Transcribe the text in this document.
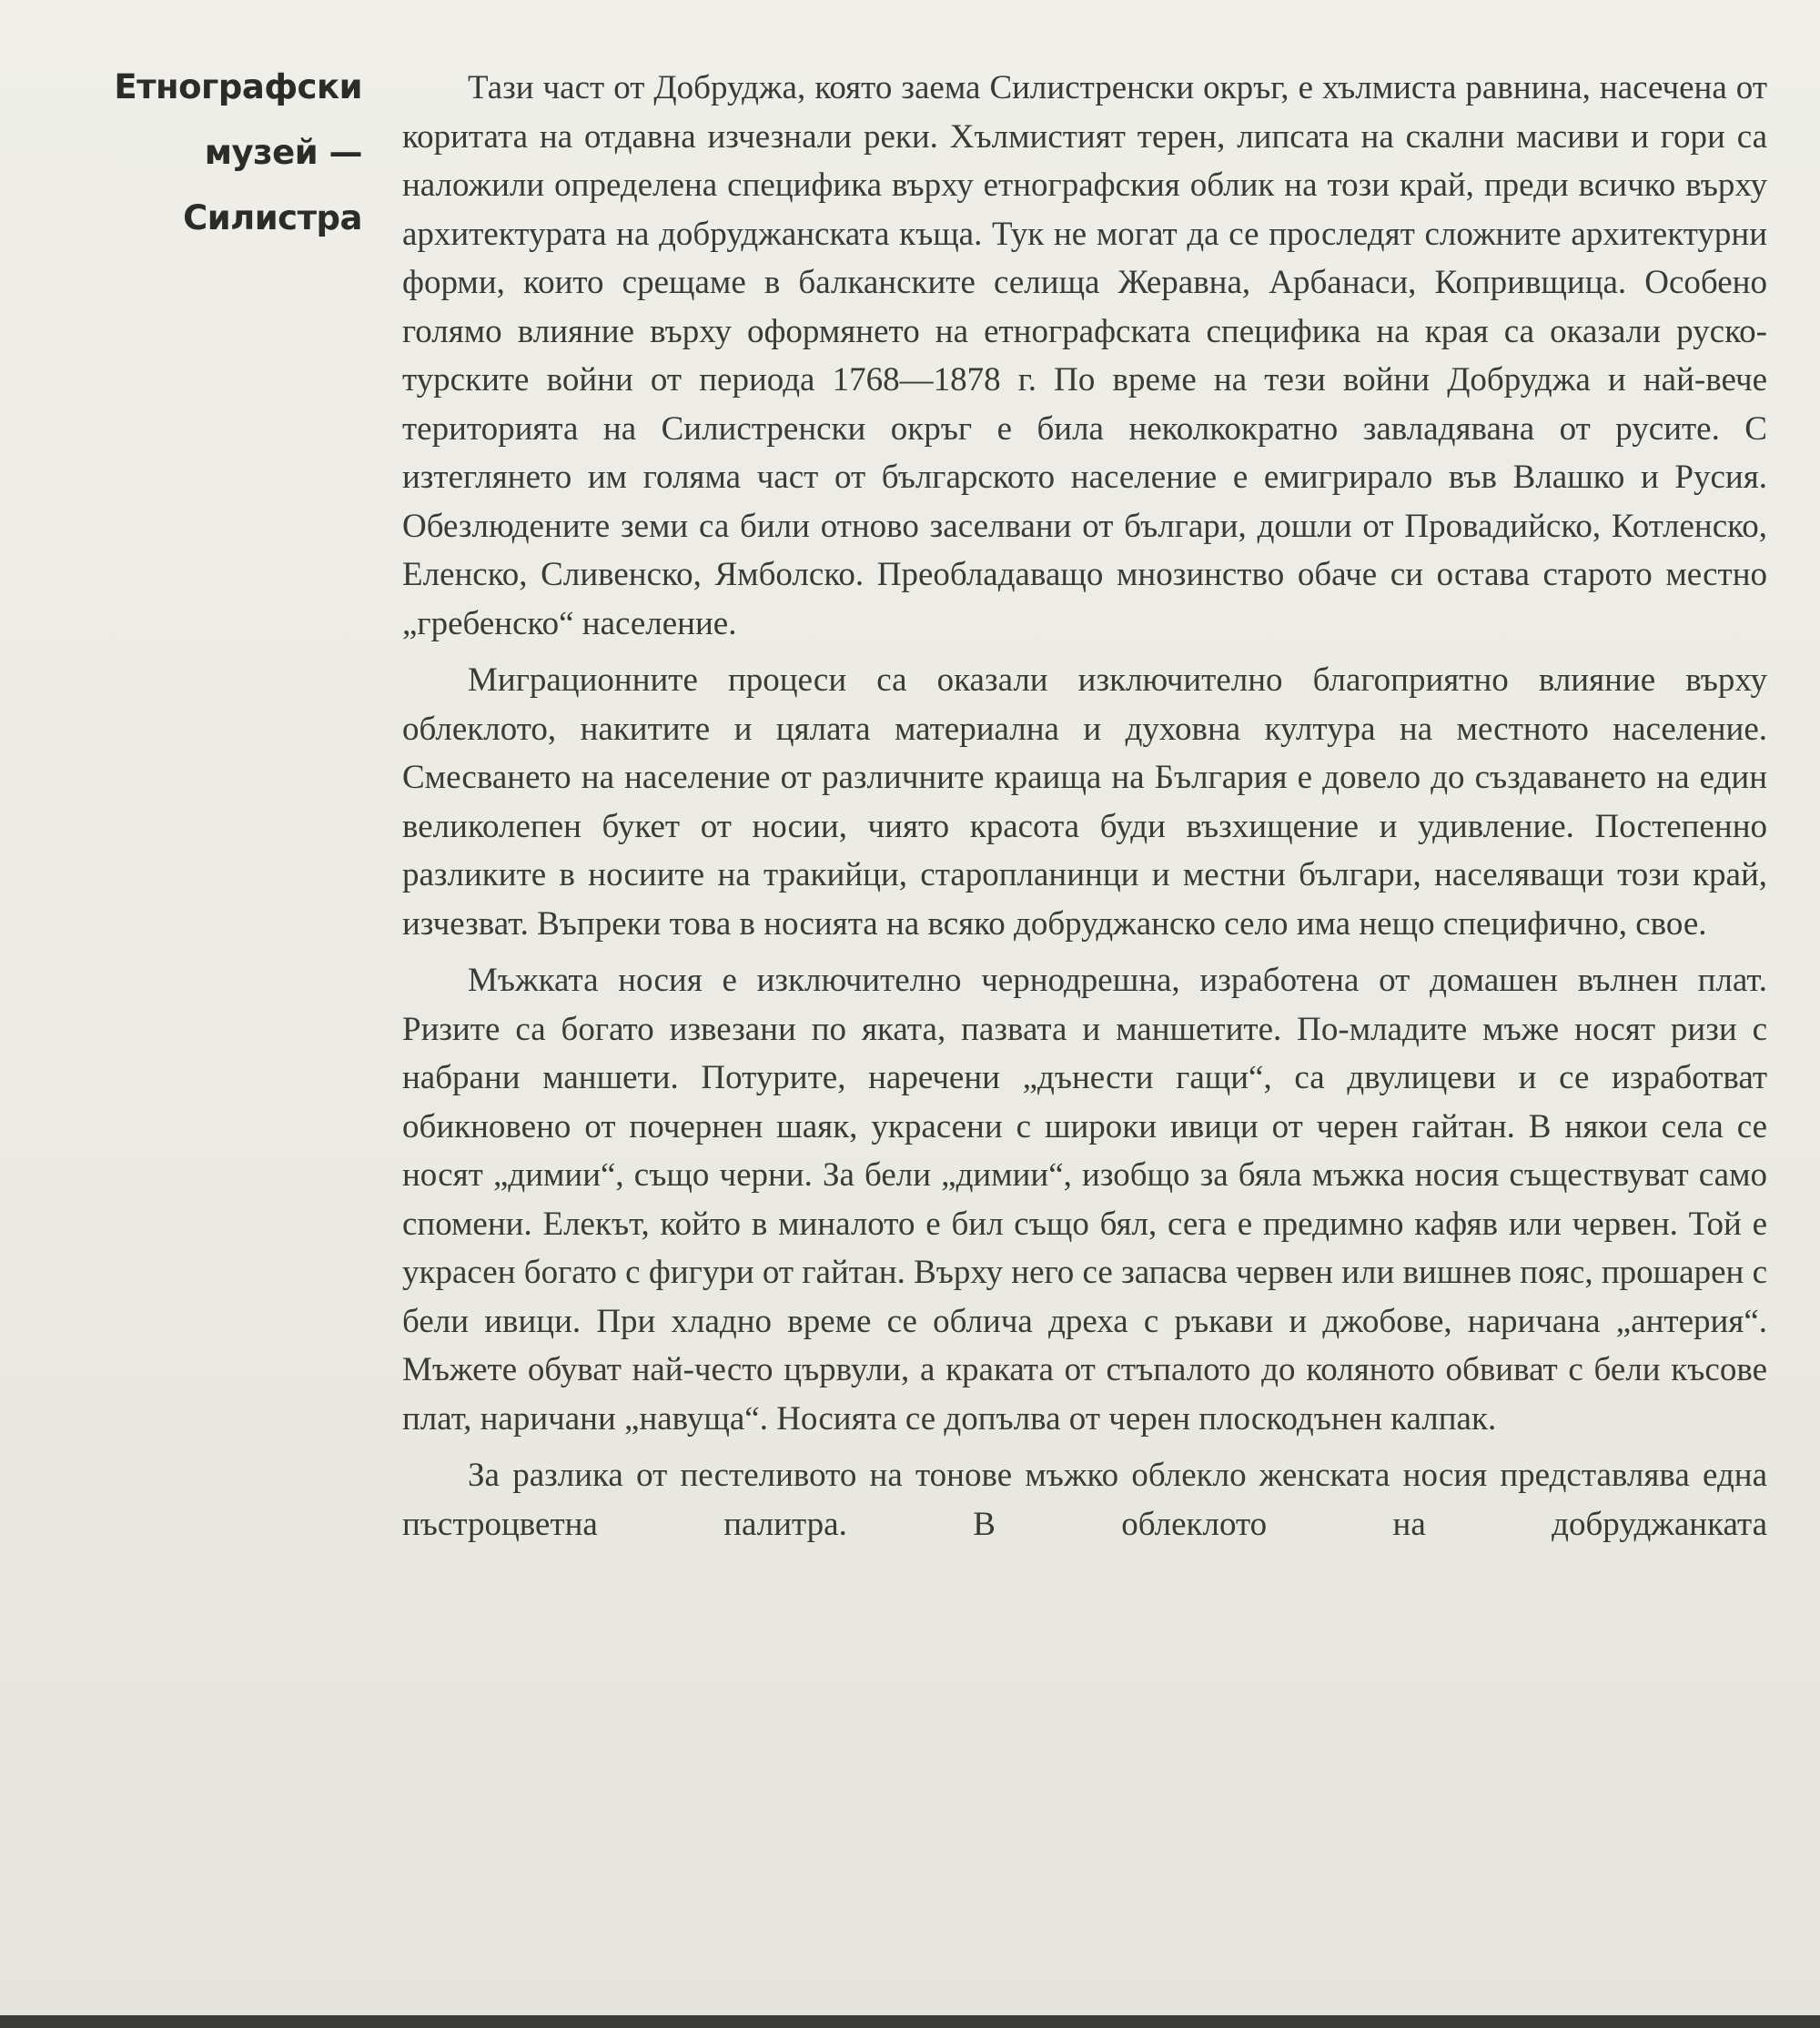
Етнографски
музей —
Силистра

Тази част от Добруджа, която заема Силистренски окръг, е хълмиста равнина, насечена от коритата на отдавна изчезнали реки. Хълмистият терен, липсата на скални масиви и гори са наложили определена специфика върху етнографския облик на този край, преди всичко върху архитектурата на добруджанската къща. Тук не могат да се проследят сложните архитектурни форми, които срещаме в балканските селища Жеравна, Арбанаси, Копривщица. Особено голямо влияние върху оформянето на етнографската специфика на края са оказали руско-турските войни от периода 1768—1878 г. По време на тези войни Добруджа и най-вече територията на Силистренски окръг е била неколкократно завладявана от русите. С изтеглянето им голяма част от българското население е емигрирало във Влашко и Русия. Обезлюдените земи са били отново заселвани от българи, дошли от Провадийско, Котленско, Еленско, Сливенско, Ямболско. Преобладаващо мнозинство обаче си остава старото местно „гребенско“ население.

Миграционните процеси са оказали изключително благоприятно влияние върху облеклото, накитите и цялата материална и духовна култура на местното население. Смесването на население от различните краища на България е довело до създаването на един великолепен букет от носии, чиято красота буди възхищение и удивление. Постепенно разликите в носиите на тракийци, старопланинци и местни българи, населяващи този край, изчезват. Въпреки това в носията на всяко добруджанско село има нещо специфично, свое.

Мъжката носия е изключително чернодрешна, изработена от домашен вълнен плат. Ризите са богато извезани по яката, пазвата и маншетите. По-младите мъже носят ризи с набрани маншети. Потурите, наречени „дънести гащи“, са двулицеви и се изработват обикновено от почернен шаяк, украсени с широки ивици от черен гайтан. В някои села се носят „димии“, също черни. За бели „димии“, изобщо за бяла мъжка носия съществуват само спомени. Елекът, който в миналото е бил също бял, сега е предимно кафяв или червен. Той е украсен богато с фигури от гайтан. Върху него се запасва червен или вишнев пояс, прошарен с бели ивици. При хладно време се облича дреха с ръкави и джобове, наричана „антерия“. Мъжете обуват най-често цървули, а краката от стъпалото до коляното обвиват с бели късове плат, наричани „навуща“. Носията се допълва от черен плоскодънен калпак.

За разлика от пестеливото на тонове мъжко облекло женската носия представлява една пъстроцветна палитра. В облеклото на добруджанката
